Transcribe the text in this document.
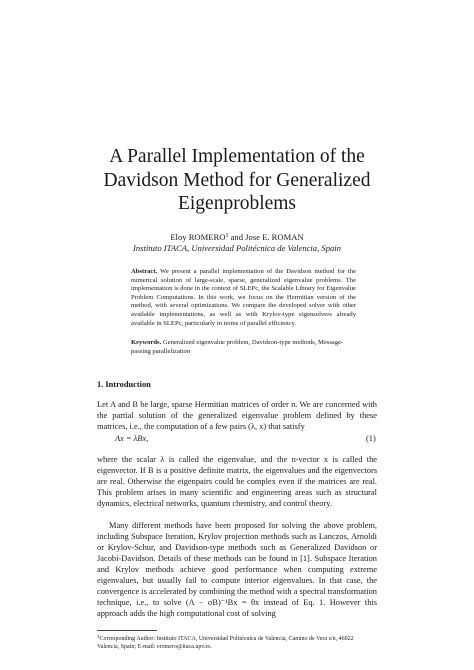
A Parallel Implementation of the
Davidson Method for Generalized
Eigenproblems
Eloy ROMERO$^1$ and Jose E. ROMAN
Instituto ITACA, Universidad Politécnica de Valencia, Spain
Abstract. We present a parallel implementation of the Davidson method for the numerical solution of large-scale, sparse, generalized eigenvalue problems. The implementation is done in the context of SLEPc, the Scalable Library for Eigenvalue Problem Computations. In this work, we focus on the Hermitian version of the method, with several optimizations. We compare the developed solver with other available implementations, as well as with Krylov-type eigensolvers already available in SLEPc, particularly in terms of parallel efficiency.
Keywords. Generalized eigenvalue problem, Davidson-type methods, Message-passing parallelization
1. Introduction
Let A and B be large, sparse Hermitian matrices of order n. We are concerned with the partial solution of the generalized eigenvalue problem defined by these matrices, i.e., the computation of a few pairs (λ, x) that satisfy
Ax = λBx,	(1)
where the scalar λ is called the eigenvalue, and the n-vector x is called the eigenvector. If B is a positive definite matrix, the eigenvalues and the eigenvectors are real. Otherwise the eigenpairs could be complex even if the matrices are real. This problem arises in many scientific and engineering areas such as structural dynamics, electrical networks, quantum chemistry, and control theory.
Many different methods have been proposed for solving the above problem, including Subspace Iteration, Krylov projection methods such as Lanczos, Arnoldi or Krylov-Schur, and Davidson-type methods such as Generalized Davidson or Jacobi-Davidson. Details of these methods can be found in [1]. Subspace Iteration and Krylov methods achieve good performance when computing extreme eigenvalues, but usually fail to compute interior eigenvalues. In that case, the convergence is accelerated by combining the method with a spectral transformation technique, i.e., to solve (A − σB)⁻¹Bx = θx instead of Eq. 1. However this approach adds the high computational cost of solving
$^1$Corresponding Author: Instituto ITACA, Universidad Politécnica de Valencia, Camino de Vera s/n, 46022 Valencia, Spain; E-mail: eromero@itaca.upv.es.
